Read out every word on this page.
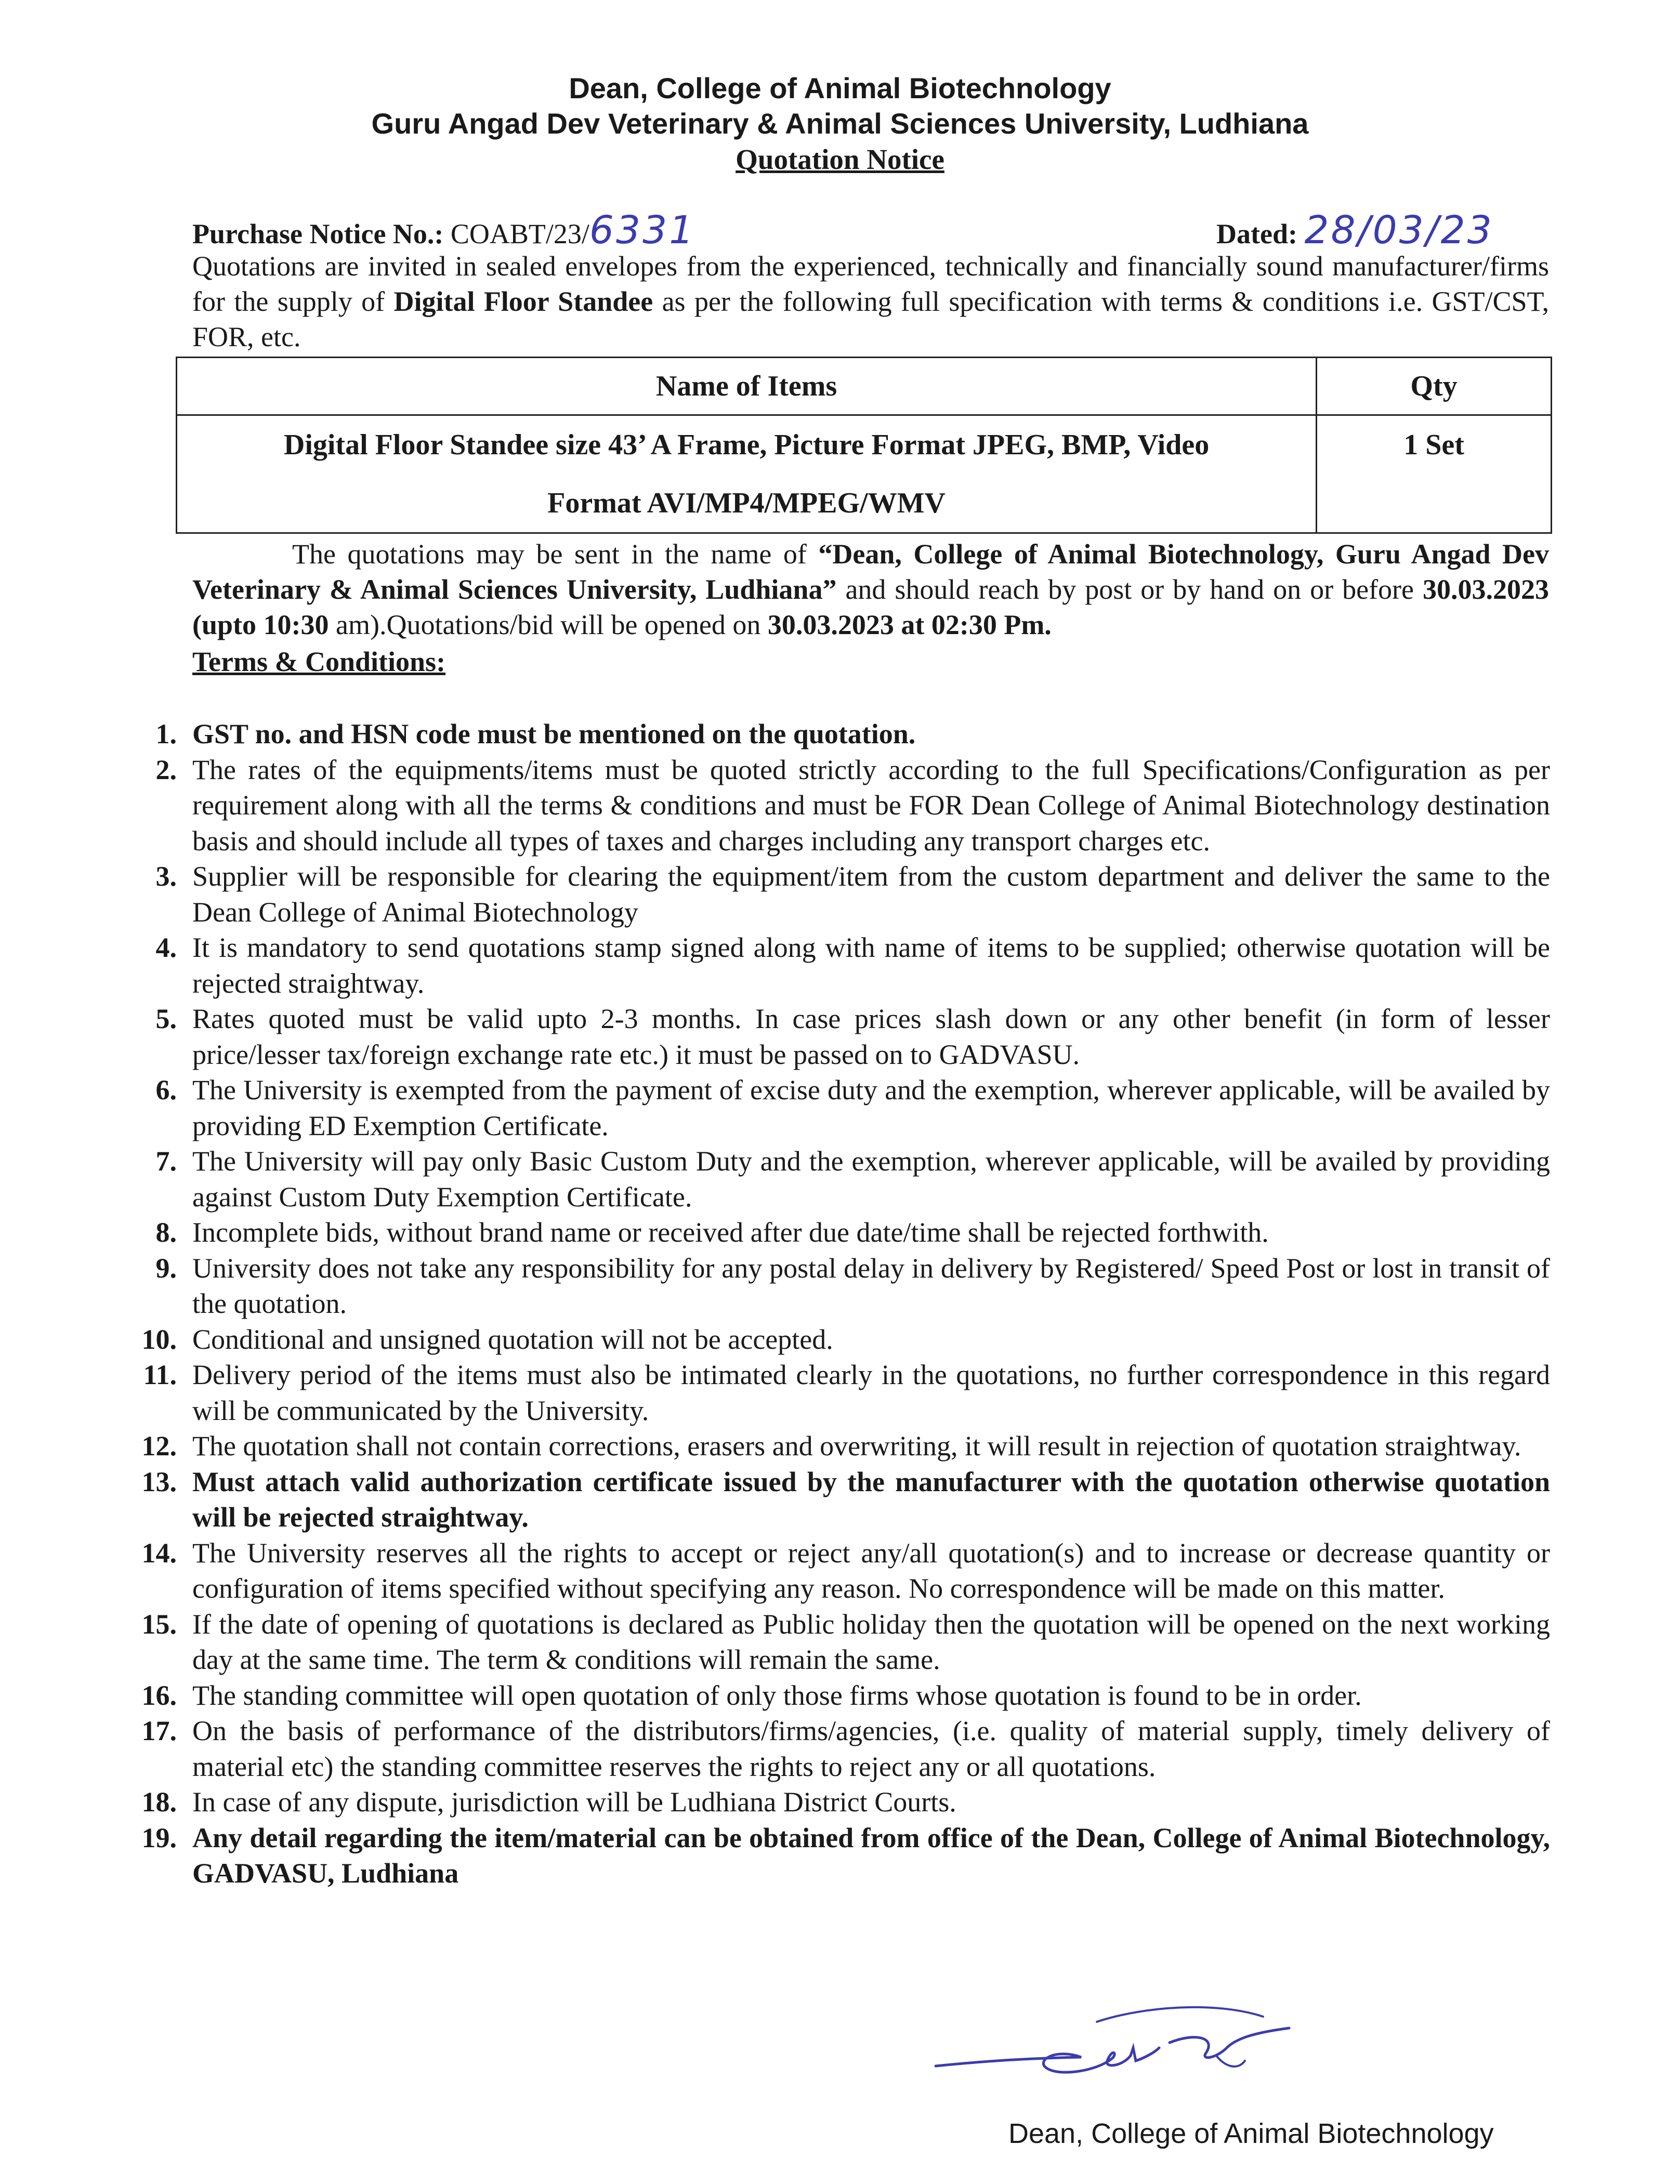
Dean, College of Animal Biotechnology
Guru Angad Dev Veterinary & Animal Sciences University, Ludhiana
Quotation Notice
Purchase Notice No.: COABT/23/6331	Dated: 28/03/23
Quotations are invited in sealed envelopes from the experienced, technically and financially sound manufacturer/firms for the supply of Digital Floor Standee as per the following full specification with terms & conditions i.e. GST/CST, FOR, etc.
Name of Items	Qty

Digital Floor Standee size 43’ A Frame, Picture Format JPEG, BMP, Video
Format AVI/MP4/MPEG/WMV	1 Set
The quotations may be sent in the name of “Dean, College of Animal Biotechnology, Guru Angad Dev Veterinary & Animal Sciences University, Ludhiana” and should reach by post or by hand on or before 30.03.2023 (upto 10:30 am).Quotations/bid will be opened on 30.03.2023 at 02:30 Pm.
Terms & Conditions:
1. GST no. and HSN code must be mentioned on the quotation.
2. The rates of the equipments/items must be quoted strictly according to the full Specifications/Configuration as per requirement along with all the terms & conditions and must be FOR Dean College of Animal Biotechnology destination basis and should include all types of taxes and charges including any transport charges etc.
3. Supplier will be responsible for clearing the equipment/item from the custom department and deliver the same to the Dean College of Animal Biotechnology
4. It is mandatory to send quotations stamp signed along with name of items to be supplied; otherwise quotation will be rejected straightway.
5. Rates quoted must be valid upto 2-3 months. In case prices slash down or any other benefit (in form of lesser price/lesser tax/foreign exchange rate etc.) it must be passed on to GADVASU.
6. The University is exempted from the payment of excise duty and the exemption, wherever applicable, will be availed by providing ED Exemption Certificate.
7. The University will pay only Basic Custom Duty and the exemption, wherever applicable, will be availed by providing against Custom Duty Exemption Certificate.
8. Incomplete bids, without brand name or received after due date/time shall be rejected forthwith.
9. University does not take any responsibility for any postal delay in delivery by Registered/ Speed Post or lost in transit of the quotation.
10. Conditional and unsigned quotation will not be accepted.
11. Delivery period of the items must also be intimated clearly in the quotations, no further correspondence in this regard will be communicated by the University.
12. The quotation shall not contain corrections, erasers and overwriting, it will result in rejection of quotation straightway.
13. Must attach valid authorization certificate issued by the manufacturer with the quotation otherwise quotation will be rejected straightway.
14. The University reserves all the rights to accept or reject any/all quotation(s) and to increase or decrease quantity or configuration of items specified without specifying any reason. No correspondence will be made on this matter.
15. If the date of opening of quotations is declared as Public holiday then the quotation will be opened on the next working day at the same time. The term & conditions will remain the same.
16. The standing committee will open quotation of only those firms whose quotation is found to be in order.
17. On the basis of performance of the distributors/firms/agencies, (i.e. quality of material supply, timely delivery of material etc) the standing committee reserves the rights to reject any or all quotations.
18. In case of any dispute, jurisdiction will be Ludhiana District Courts.
19. Any detail regarding the item/material can be obtained from office of the Dean, College of Animal Biotechnology, GADVASU, Ludhiana
Dean, College of Animal Biotechnology
